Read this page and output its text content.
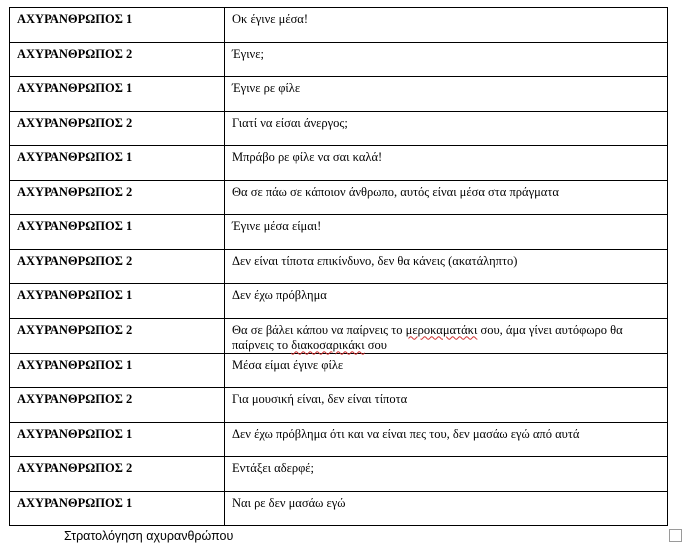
ΑΧΥΡΑΝΘΡΩΠΟΣ 1	Οκ έγινε μέσα!
ΑΧΥΡΑΝΘΡΩΠΟΣ 2	Έγινε;
ΑΧΥΡΑΝΘΡΩΠΟΣ 1	Έγινε ρε φίλε
ΑΧΥΡΑΝΘΡΩΠΟΣ 2	Γιατί να είσαι άνεργος;
ΑΧΥΡΑΝΘΡΩΠΟΣ 1	Μπράβο ρε φίλε να σαι καλά!
ΑΧΥΡΑΝΘΡΩΠΟΣ 2	Θα σε πάω σε κάποιον άνθρωπο, αυτός είναι μέσα στα πράγματα
ΑΧΥΡΑΝΘΡΩΠΟΣ 1	Έγινε μέσα είμαι!
ΑΧΥΡΑΝΘΡΩΠΟΣ 2	Δεν είναι τίποτα επικίνδυνο, δεν θα κάνεις (ακατάληπτο)
ΑΧΥΡΑΝΘΡΩΠΟΣ 1	Δεν έχω πρόβλημα
ΑΧΥΡΑΝΘΡΩΠΟΣ 2	Θα σε βάλει κάπου να παίρνεις το μεροκαματάκι σου, άμα γίνει αυτόφωρο θα παίρνεις το διακοσαρικάκι σου
ΑΧΥΡΑΝΘΡΩΠΟΣ 1	Μέσα είμαι έγινε φίλε
ΑΧΥΡΑΝΘΡΩΠΟΣ 2	Για μουσική είναι, δεν είναι τίποτα
ΑΧΥΡΑΝΘΡΩΠΟΣ 1	Δεν έχω πρόβλημα ότι και να είναι πες του, δεν μασάω εγώ από αυτά
ΑΧΥΡΑΝΘΡΩΠΟΣ 2	Εντάξει αδερφέ;
ΑΧΥΡΑΝΘΡΩΠΟΣ 1	Ναι ρε δεν μασάω εγώ
Στρατολόγηση αχυρανθρώπου
